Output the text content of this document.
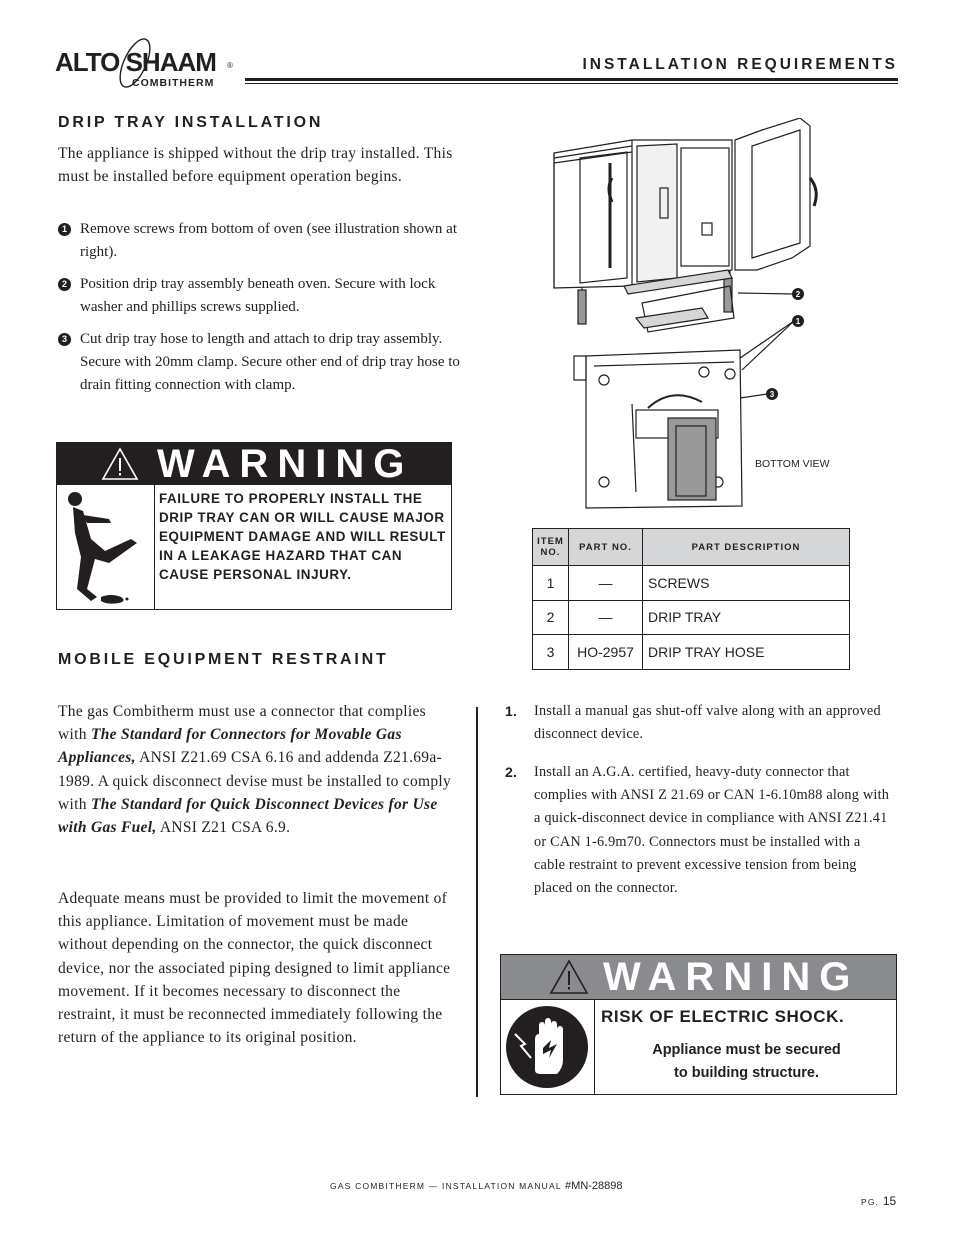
ALTO SHAAM ®
COMBITHERM
INSTALLATION REQUIREMENTS
DRIP TRAY INSTALLATION
The appliance is shipped without the drip tray installed. This must be installed before equipment operation begins.
1 Remove screws from bottom of oven (see illustration shown at right).
2 Position drip tray assembly beneath oven. Secure with lock washer and phillips screws supplied.
3 Cut drip tray hose to length and attach to drip tray assembly. Secure with 20mm clamp. Secure other end of drip tray hose to drain fitting connection with clamp.
WARNING
FAILURE TO PROPERLY INSTALL THE DRIP TRAY CAN OR WILL CAUSE MAJOR EQUIPMENT DAMAGE AND WILL RESULT IN A LEAKAGE HAZARD THAT CAN CAUSE PERSONAL INJURY.
2
1
3
BOTTOM VIEW
ITEM NO.	PART NO.	PART DESCRIPTION
1	—	SCREWS
2	—	DRIP TRAY
3	HO-2957	DRIP TRAY HOSE
MOBILE EQUIPMENT RESTRAINT
The gas Combitherm must use a connector that complies with The Standard for Connectors for Movable Gas Appliances, ANSI Z21.69 CSA 6.16 and addenda Z21.69a-1989. A quick disconnect devise must be installed to comply with The Standard for Quick Disconnect Devices for Use with Gas Fuel, ANSI Z21 CSA 6.9.
Adequate means must be provided to limit the movement of this appliance. Limitation of movement must be made without depending on the connector, the quick disconnect device, nor the associated piping designed to limit appliance movement. If it becomes necessary to disconnect the restraint, it must be reconnected immediately following the return of the appliance to its original position.
1. Install a manual gas shut-off valve along with an approved disconnect device.
2. Install an A.G.A. certified, heavy-duty connector that complies with ANSI Z 21.69 or CAN 1-6.10m88 along with a quick-disconnect device in compliance with ANSI Z21.41 or CAN 1-6.9m70. Connectors must be installed with a cable restraint to prevent excessive tension from being placed on the connector.
WARNING
RISK OF ELECTRIC SHOCK.
Appliance must be secured
to building structure.
GAS COMBITHERM — INSTALLATION MANUAL #MN-28898
PG. 15
